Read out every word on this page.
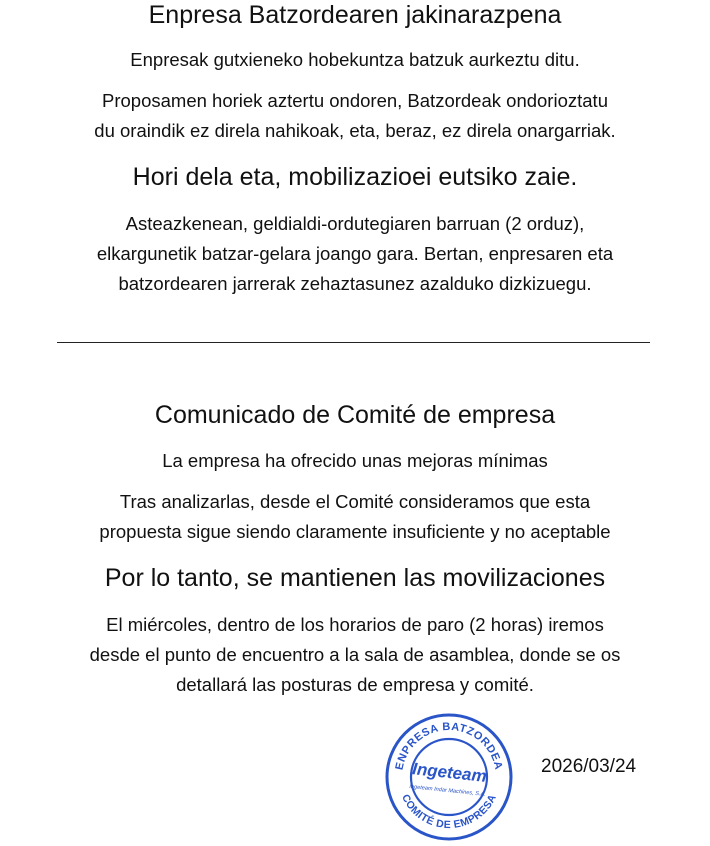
Enpresa Batzordearen jakinarazpena

Enpresak gutxieneko hobekuntza batzuk aurkeztu ditu.

Proposamen horiek aztertu ondoren, Batzordeak ondorioztatu

du oraindik ez direla nahikoak, eta, beraz, ez direla onargarriak.

Hori dela eta, mobilizazioei eutsiko zaie.

Asteazkenean, geldialdi-ordutegiaren barruan (2 orduz),

elkargunetik batzar-gelara joango gara. Bertan, enpresaren eta

batzordearen jarrerak zehaztasunez azalduko dizkizuegu.

Comunicado de Comité de empresa

La empresa ha ofrecido unas mejoras mínimas

Tras analizarlas, desde el Comité consideramos que esta

propuesta sigue siendo claramente insuficiente y no aceptable

Por lo tanto, se mantienen las movilizaciones

El miércoles, dentro de los horarios de paro (2 horas) iremos

desde el punto de encuentro a la sala de asamblea, donde se os

detallará las posturas de empresa y comité.

ENPRESA BATZORDEA
COMITÉ DE EMPRESA
Ingeteam
Ingeteam Indar Machines, S.A.
2026/03/24
